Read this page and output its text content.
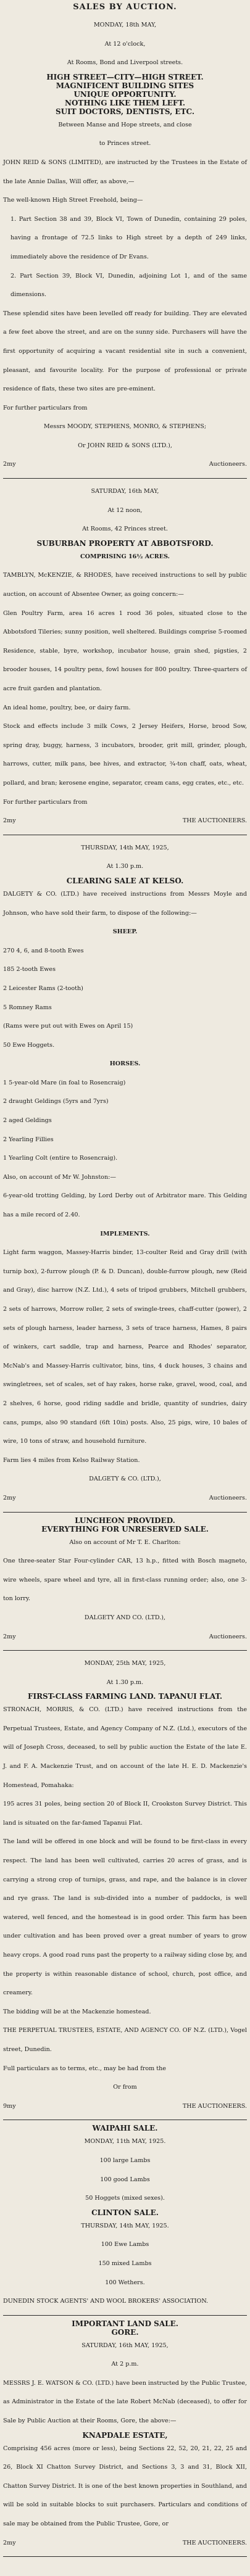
SALES BY AUCTION.
MONDAY, 18th MAY,
At 12 o'clock,
At Rooms, Bond and Liverpool streets.
HIGH STREET—CITY—HIGH STREET.
MAGNIFICENT BUILDING SITES
UNIQUE OPPORTUNITY.
NOTHING LIKE THEM LEFT.
SUIT DOCTORS, DENTISTS, ETC.
Between Manse and Hope streets, and close
to Princes street.
JOHN REID & SONS (LIMITED), are instructed by the Trustees in the Estate of the late Annie Dallas, Will offer, as above,—
The well-known High Street Freehold, being—
1. Part Section 38 and 39, Block VI, Town of Dunedin, containing 29 poles, having a frontage of 72.5 links to High street by a depth of 249 links, immediately above the residence of Dr Evans.
2. Part Section 39, Block VI, Dunedin, adjoining Lot 1, and of the same dimensions.
These splendid sites have been levelled off ready for building. They are elevated a few feet above the street, and are on the sunny side. Purchasers will have the first opportunity of acquiring a vacant residential site in such a convenient, pleasant, and favourite locality. For the purpose of professional or private residence of flats, these two sites are pre-eminent.
For further particulars from
Messrs MOODY, STEPHENS, MONRO, & STEPHENS;
Or JOHN REID & SONS (LTD.),
2my	Auctioneers.
SATURDAY, 16th MAY,
At 12 noon,
At Rooms, 42 Princes street.
SUBURBAN PROPERTY AT ABBOTSFORD.
COMPRISING 16½ ACRES.
TAMBLYN, McKENZIE, & RHODES, have received instructions to sell by public auction, on account of Absentee Owner, as going concern:—
Glen Poultry Farm, area 16 acres 1 rood 36 poles, situated close to the Abbotsford Tileries; sunny position, well sheltered. Buildings comprise 5-roomed Residence, stable, byre, workshop, incubator house, grain shed, pigsties, 2 brooder houses, 14 poultry pens, fowl houses for 800 poultry. Three-quarters of acre fruit garden and plantation.
An ideal home, poultry, bee, or dairy farm.
Stock and effects include 3 milk Cows, 2 Jersey Heifers, Horse, brood Sow, spring dray, buggy, harness, 3 incubators, brooder, grit mill, grinder, plough, harrows, cutter, milk pans, bee hives, and extractor, ¾-ton chaff, oats, wheat, pollard, and bran; kerosene engine, separator, cream cans, egg crates, etc., etc.
For further particulars from
2my	THE AUCTIONEERS.
THURSDAY, 14th MAY, 1925,
At 1.30 p.m.
CLEARING SALE AT KELSO.
DALGETY & CO. (LTD.) have received instructions from Messrs Moyle and Johnson, who have sold their farm, to dispose of the following:—
SHEEP.
270 4, 6, and 8-tooth Ewes
185 2-tooth Ewes
2 Leicester Rams (2-tooth)
5 Romney Rams
(Rams were put out with Ewes on April 15)
50 Ewe Hoggets.
HORSES.
1 5-year-old Mare (in foal to Rosencraig)
2 draught Geldings (5yrs and 7yrs)
2 aged Geldings
2 Yearling Fillies
1 Yearling Colt (entire to Rosencraig).
Also, on account of Mr W. Johnston:—
6-year-old trotting Gelding, by Lord Derby out of Arbitrator mare. This Gelding has a mile record of 2.40.
IMPLEMENTS.
Light farm waggon, Massey-Harris binder, 13-coulter Reid and Gray drill (with turnip box), 2-furrow plough (P. & D. Duncan), double-furrow plough, new (Reid and Gray), disc harrow (N.Z. Ltd.), 4 sets of tripod grubbers, Mitchell grubbers, 2 sets of harrows, Morrow roller, 2 sets of swingle-trees, chaff-cutter (power), 2 sets of plough harness, leader harness, 3 sets of trace harness, Hames, 8 pairs of winkers, cart saddle, trap and harness, Pearce and Rhodes' separator, McNab's and Massey-Harris cultivator, bins, tins, 4 duck houses, 3 chains and swingletrees, set of scales, set of hay rakes, horse rake, gravel, wood, coal, and 2 shelves, 6 horse, good riding saddle and bridle, quantity of sundries, dairy cans, pumps, also 90 standard (6ft 10in) posts. Also, 25 pigs, wire, 10 bales of wire, 10 tons of straw, and household furniture.
Farm lies 4 miles from Kelso Railway Station.
DALGETY & CO. (LTD.),
2my	Auctioneers.
LUNCHEON PROVIDED.
EVERYTHING FOR UNRESERVED SALE.
Also on account of Mr T. E. Charlton:
One three-seater Star Four-cylinder CAR, 13 h.p., fitted with Bosch magneto, wire wheels, spare wheel and tyre, all in first-class running order; also, one 3-ton lorry.
DALGETY AND CO. (LTD.),
2my	Auctioneers.
MONDAY, 25th MAY, 1925,
At 1.30 p.m.
FIRST-CLASS FARMING LAND. TAPANUI FLAT.
STRONACH, MORRIS, & CO. (LTD.) have received instructions from the Perpetual Trustees, Estate, and Agency Company of N.Z. (Ltd.), executors of the will of Joseph Cross, deceased, to sell by public auction the Estate of the late E. J. and F. A. Mackenzie Trust, and on account of the late H. E. D. Mackenzie's Homestead, Pomahaka:
195 acres 31 poles, being section 20 of Block II, Crookston Survey District. This land is situated on the far-famed Tapanui Flat.
The land will be offered in one block and will be found to be first-class in every respect. The land has been well cultivated, carries 20 acres of grass, and is carrying a strong crop of turnips, grass, and rape, and the balance is in clover and rye grass. The land is sub-divided into a number of paddocks, is well watered, well fenced, and the homestead is in good order. This farm has been under cultivation and has been proved over a great number of years to grow heavy crops. A good road runs past the property to a railway siding close by, and the property is within reasonable distance of school, church, post office, and creamery.
The bidding will be at the Mackenzie homestead.
THE PERPETUAL TRUSTEES, ESTATE, AND AGENCY CO. OF N.Z. (LTD.), Vogel street, Dunedin.
Full particulars as to terms, etc., may be had from the
Or from
9my	THE AUCTIONEERS.
WAIPAHI SALE.
MONDAY, 11th MAY, 1925.
100 large Lambs
100 good Lambs
50 Hoggets (mixed sexes).
CLINTON SALE.
THURSDAY, 14th MAY, 1925.
100 Ewe Lambs
150 mixed Lambs
100 Wethers.
DUNEDIN STOCK AGENTS' AND WOOL BROKERS' ASSOCIATION.
IMPORTANT LAND SALE.
GORE.
SATURDAY, 16th MAY, 1925,
At 2 p.m.
MESSRS J. E. WATSON & CO. (LTD.) have been instructed by the Public Trustee, as Administrator in the Estate of the late Robert McNab (deceased), to offer for Sale by Public Auction at their Rooms, Gore, the above:—
KNAPDALE ESTATE,
Comprising 456 acres (more or less), being Sections 22, 52, 20, 21, 22, 25 and 26, Block XI Chatton Survey District, and Sections 3, 3 and 31, Block XII, Chatton Survey District. It is one of the best known properties in Southland, and will be sold in suitable blocks to suit purchasers. Particulars and conditions of sale may be obtained from the Public Trustee, Gore, or
2my	THE AUCTIONEERS.
